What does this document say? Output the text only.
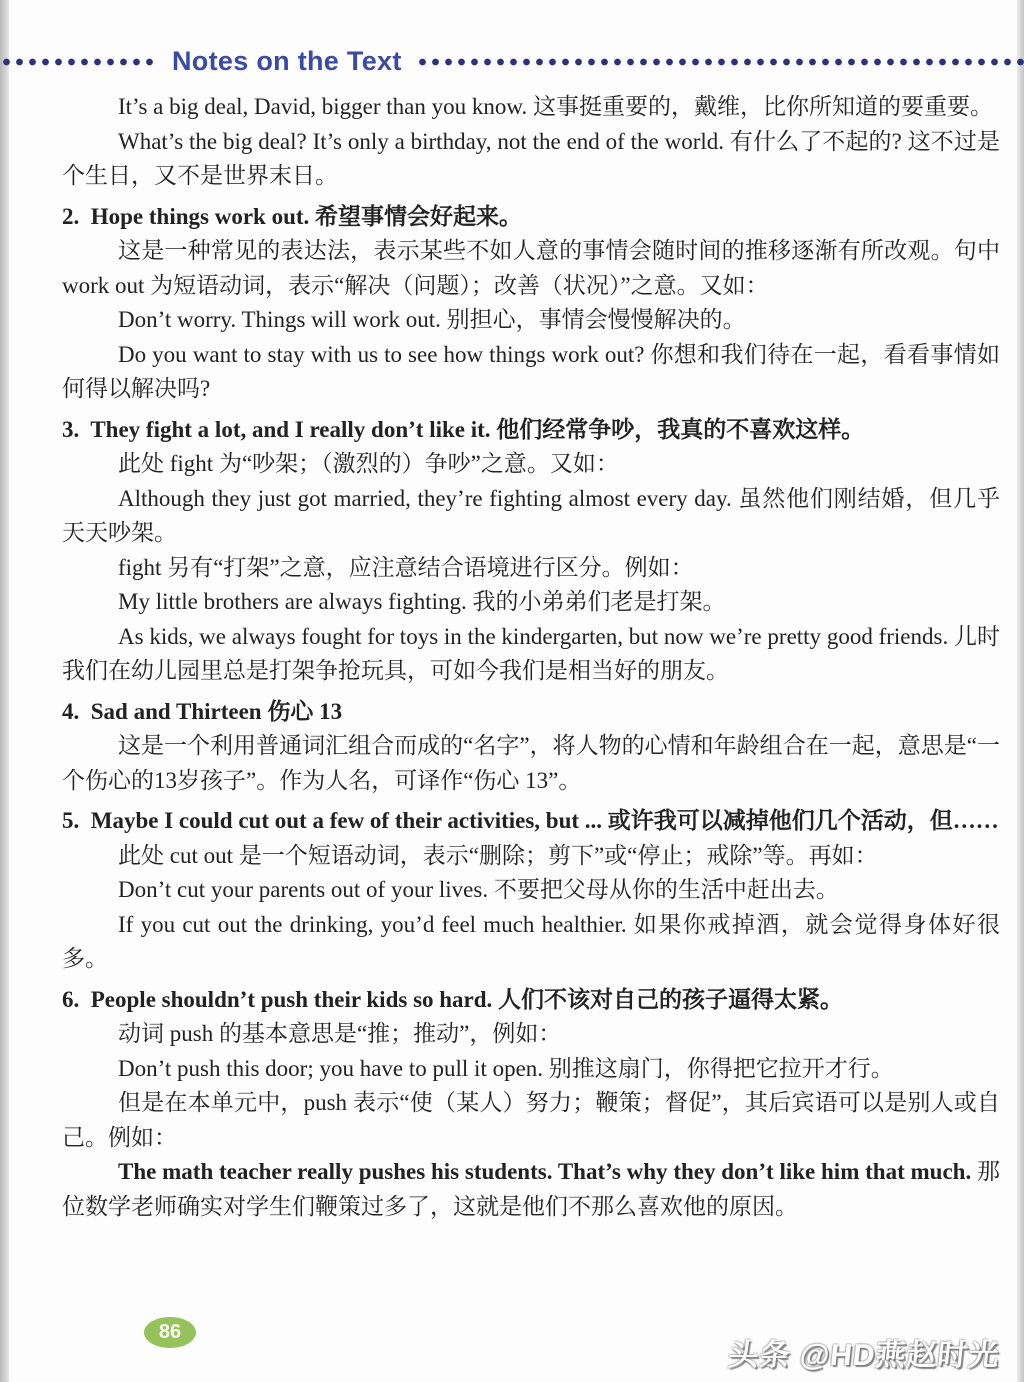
Notes on the Text

It’s a big deal, David, bigger than you know. 这事挺重要的，戴维，比你所知道的要重要。

What’s the big deal? It’s only a birthday, not the end of the world. 有什么了不起的? 这不过是个生日，又不是世界末日。

2.  Hope things work out. 希望事情会好起来。

这是一种常见的表达法，表示某些不如人意的事情会随时间的推移逐渐有所改观。句中 work out 为短语动词，表示“解决（问题）；改善（状况）”之意。又如：

Don’t worry. Things will work out. 别担心，事情会慢慢解决的。

Do you want to stay with us to see how things work out? 你想和我们待在一起，看看事情如何得以解决吗?

3.  They fight a lot, and I really don’t like it. 他们经常争吵，我真的不喜欢这样。

此处 fight 为“吵架；（激烈的）争吵”之意。又如：

Although they just got married, they’re fighting almost every day. 虽然他们刚结婚，但几乎天天吵架。

fight 另有“打架”之意，应注意结合语境进行区分。例如：

My little brothers are always fighting. 我的小弟弟们老是打架。

As kids, we always fought for toys in the kindergarten, but now we’re pretty good friends. 儿时我们在幼儿园里总是打架争抢玩具，可如今我们是相当好的朋友。

4.  Sad and Thirteen 伤心 13

这是一个利用普通词汇组合而成的“名字”，将人物的心情和年龄组合在一起，意思是“一个伤心的13岁孩子”。作为人名，可译作“伤心 13”。

5.  Maybe I could cut out a few of their activities, but ... 或许我可以减掉他们几个活动，但……

此处 cut out 是一个短语动词，表示“删除；剪下”或“停止；戒除”等。再如：

Don’t cut your parents out of your lives. 不要把父母从你的生活中赶出去。

If you cut out the drinking, you’d feel much healthier. 如果你戒掉酒，就会觉得身体好很多。

6.  People shouldn’t push their kids so hard. 人们不该对自己的孩子逼得太紧。

动词 push 的基本意思是“推；推动”，例如：

Don’t push this door; you have to pull it open. 别推这扇门，你得把它拉开才行。

但是在本单元中，push 表示“使（某人）努力；鞭策；督促”，其后宾语可以是别人或自己。例如：

The math teacher really pushes his students. That’s why they don’t like him that much. 那位数学老师确实对学生们鞭策过多了，这就是他们不那么喜欢他的原因。

86
头条 @HD燕赵时光
